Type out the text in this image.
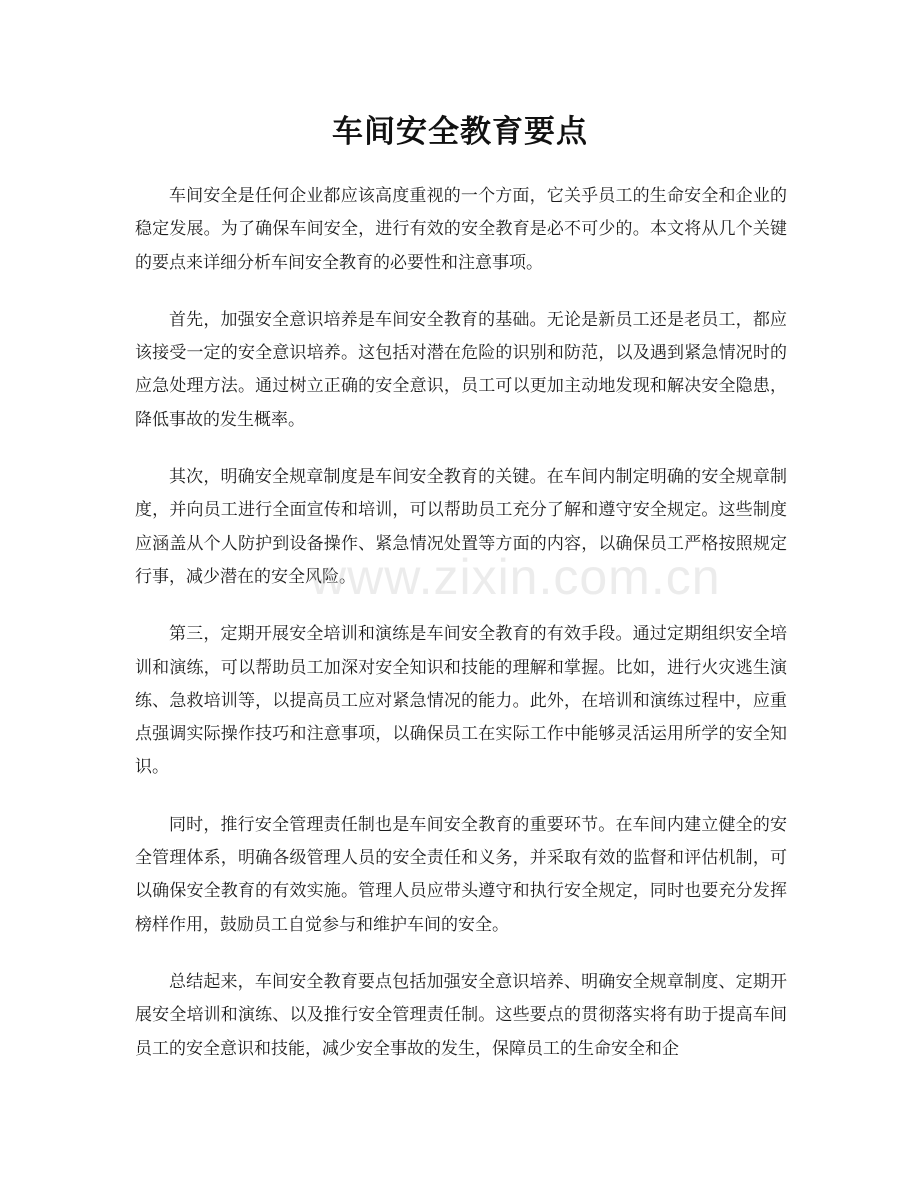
车间安全教育要点

车间安全是任何企业都应该高度重视的一个方面，它关乎员工的生命安全和企业的稳定发展。为了确保车间安全，进行有效的安全教育是必不可少的。本文将从几个关键的要点来详细分析车间安全教育的必要性和注意事项。

首先，加强安全意识培养是车间安全教育的基础。无论是新员工还是老员工，都应该接受一定的安全意识培养。这包括对潜在危险的识别和防范，以及遇到紧急情况时的应急处理方法。通过树立正确的安全意识，员工可以更加主动地发现和解决安全隐患，降低事故的发生概率。

其次，明确安全规章制度是车间安全教育的关键。在车间内制定明确的安全规章制度，并向员工进行全面宣传和培训，可以帮助员工充分了解和遵守安全规定。这些制度应涵盖从个人防护到设备操作、紧急情况处置等方面的内容，以确保员工严格按照规定行事，减少潜在的安全风险。

第三，定期开展安全培训和演练是车间安全教育的有效手段。通过定期组织安全培训和演练，可以帮助员工加深对安全知识和技能的理解和掌握。比如，进行火灾逃生演练、急救培训等，以提高员工应对紧急情况的能力。此外，在培训和演练过程中，应重点强调实际操作技巧和注意事项，以确保员工在实际工作中能够灵活运用所学的安全知识。

同时，推行安全管理责任制也是车间安全教育的重要环节。在车间内建立健全的安全管理体系，明确各级管理人员的安全责任和义务，并采取有效的监督和评估机制，可以确保安全教育的有效实施。管理人员应带头遵守和执行安全规定，同时也要充分发挥榜样作用，鼓励员工自觉参与和维护车间的安全。

总结起来，车间安全教育要点包括加强安全意识培养、明确安全规章制度、定期开展安全培训和演练、以及推行安全管理责任制。这些要点的贯彻落实将有助于提高车间员工的安全意识和技能，减少安全事故的发生，保障员工的生命安全和企

www.zixin.com.cn
